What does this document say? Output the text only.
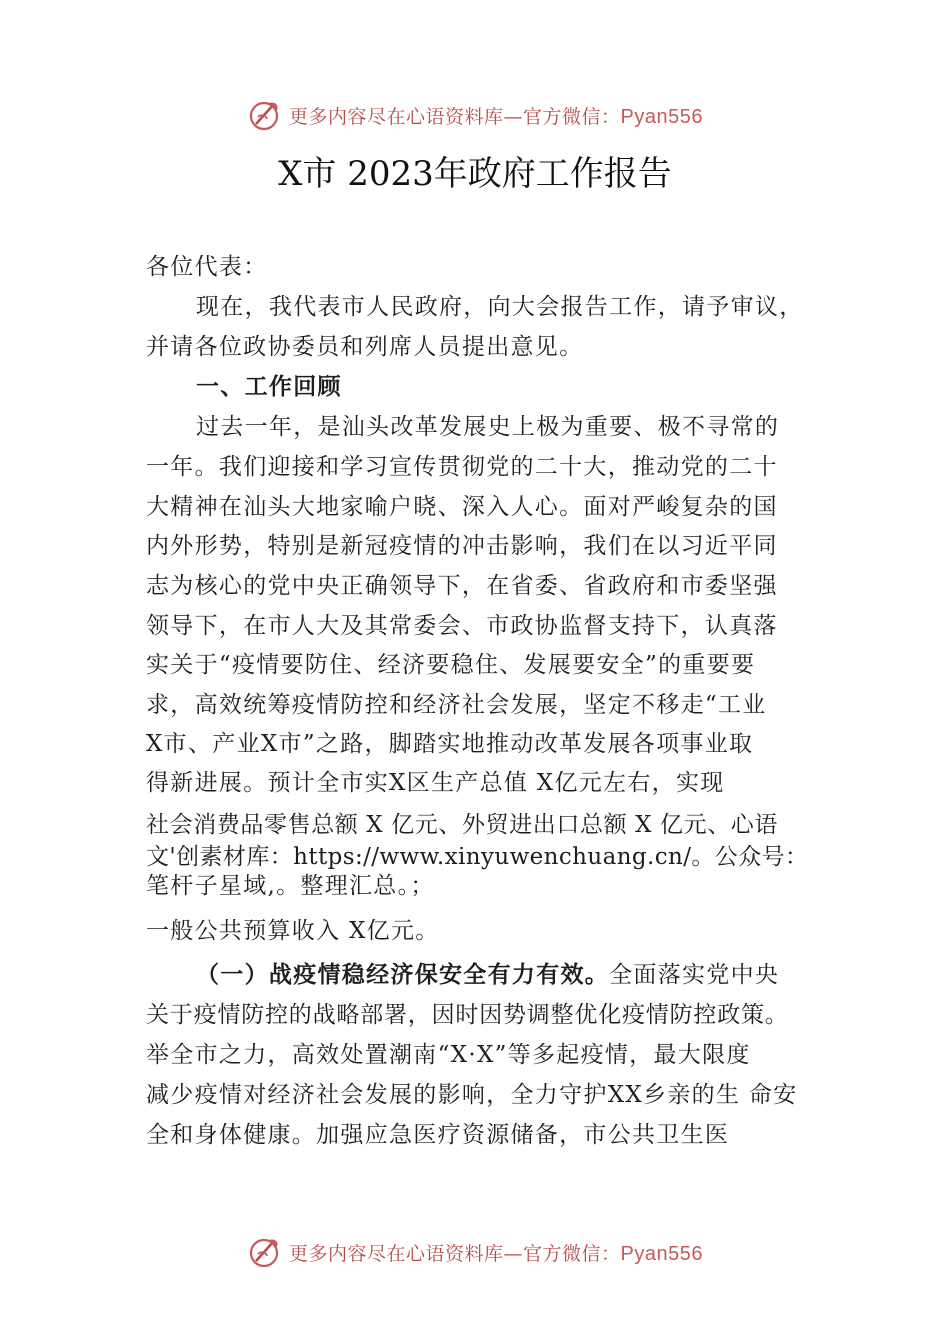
更多内容尽在心语资料库—官方微信：Pyan556
X市 2023年政府工作报告
各位代表：
现在，我代表市人民政府，向大会报告工作，请予审议，
并请各位政协委员和列席人员提出意见。
一、工作回顾
过去一年，是汕头改革发展史上极为重要、极不寻常的
一年。我们迎接和学习宣传贯彻党的二十大，推动党的二十
大精神在汕头大地家喻户晓、深入人心。面对严峻复杂的国
内外形势，特别是新冠疫情的冲击影响，我们在以习近平同
志为核心的党中央正确领导下，在省委、省政府和市委坚强
领导下，在市人大及其常委会、市政协监督支持下，认真落
实关于“疫情要防住、经济要稳住、发展要安全”的重要要
求，高效统筹疫情防控和经济社会发展，坚定不移走“工业
X市、产业X市”之路，脚踏实地推动改革发展各项事业取
得新进展。预计全市实X区生产总值 X亿元左右，实现
社会消费品零售总额 X 亿元、外贸进出口总额 X 亿元、心语
文'创素材库：https://www.xinyuwenchuang.cn/。公众号：
笔杆子星域,。整理汇总。；
一般公共预算收入 X亿元。
（一）战疫情稳经济保安全有力有效。全面落实党中央
关于疫情防控的战略部署，因时因势调整优化疫情防控政策。
举全市之力，高效处置潮南“X·X”等多起疫情，最大限度
减少疫情对经济社会发展的影响，全力守护XX乡亲的生 命安
全和身体健康。加强应急医疗资源储备，市公共卫生医
更多内容尽在心语资料库—官方微信：Pyan556
